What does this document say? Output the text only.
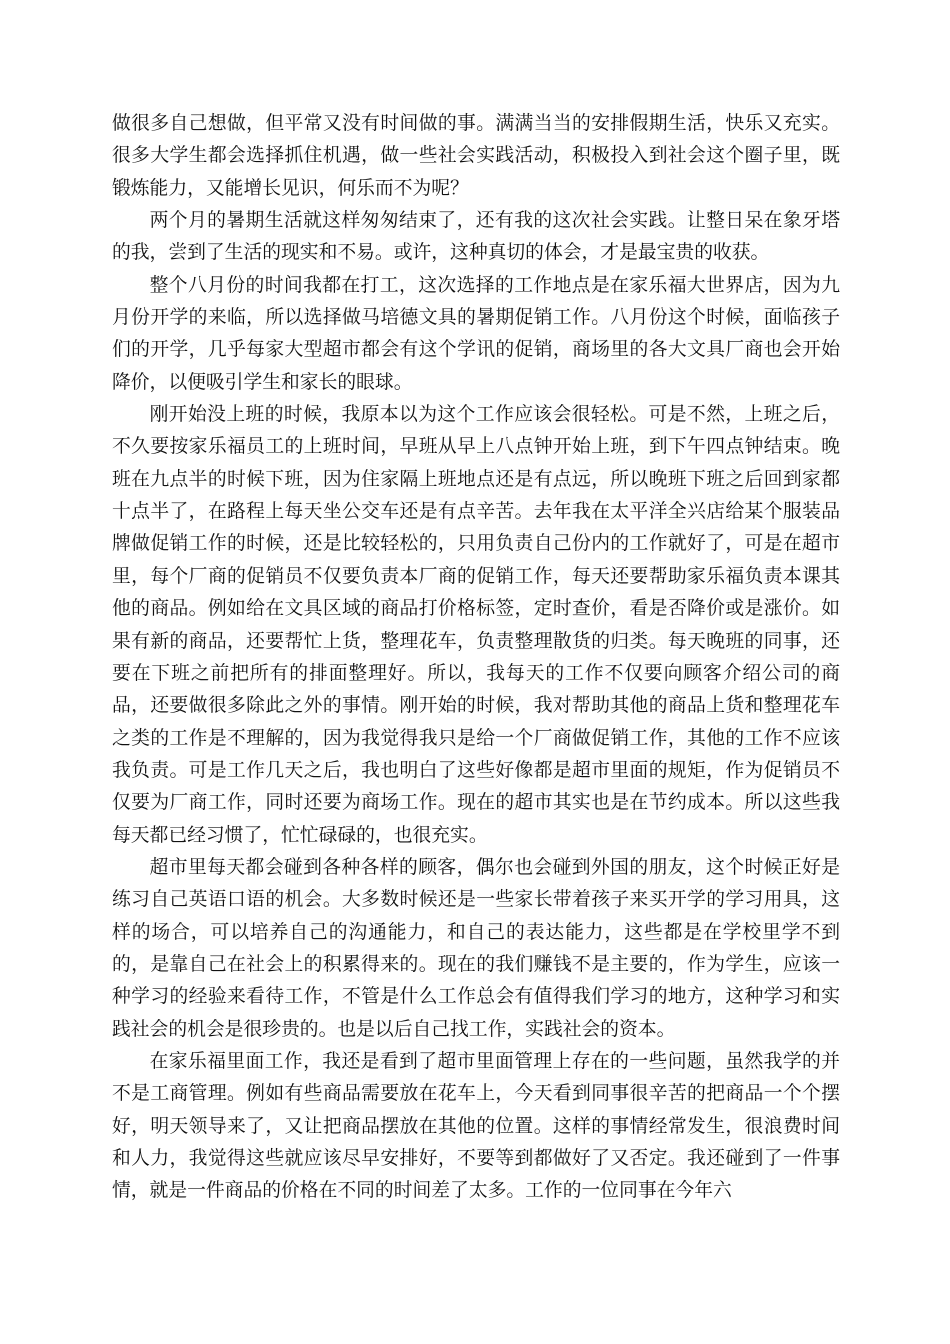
做很多自己想做，但平常又没有时间做的事。满满当当的安排假期生活，快乐又充实。很多大学生都会选择抓住机遇，做一些社会实践活动，积极投入到社会这个圈子里，既锻炼能力，又能增长见识，何乐而不为呢？

两个月的暑期生活就这样匆匆结束了，还有我的这次社会实践。让整日呆在象牙塔的我，尝到了生活的现实和不易。或许，这种真切的体会，才是最宝贵的收获。

整个八月份的时间我都在打工，这次选择的工作地点是在家乐福大世界店，因为九月份开学的来临，所以选择做马培德文具的暑期促销工作。八月份这个时候，面临孩子们的开学，几乎每家大型超市都会有这个学讯的促销，商场里的各大文具厂商也会开始降价，以便吸引学生和家长的眼球。

刚开始没上班的时候，我原本以为这个工作应该会很轻松。可是不然，上班之后，不久要按家乐福员工的上班时间，早班从早上八点钟开始上班，到下午四点钟结束。晚班在九点半的时候下班，因为住家隔上班地点还是有点远，所以晚班下班之后回到家都十点半了，在路程上每天坐公交车还是有点辛苦。去年我在太平洋全兴店给某个服装品牌做促销工作的时候，还是比较轻松的，只用负责自己份内的工作就好了，可是在超市里，每个厂商的促销员不仅要负责本厂商的促销工作，每天还要帮助家乐福负责本课其他的商品。例如给在文具区域的商品打价格标签，定时查价，看是否降价或是涨价。如果有新的商品，还要帮忙上货，整理花车，负责整理散货的归类。每天晚班的同事，还要在下班之前把所有的排面整理好。所以，我每天的工作不仅要向顾客介绍公司的商品，还要做很多除此之外的事情。刚开始的时候，我对帮助其他的商品上货和整理花车之类的工作是不理解的，因为我觉得我只是给一个厂商做促销工作，其他的工作不应该我负责。可是工作几天之后，我也明白了这些好像都是超市里面的规矩，作为促销员不仅要为厂商工作，同时还要为商场工作。现在的超市其实也是在节约成本。所以这些我每天都已经习惯了，忙忙碌碌的，也很充实。

超市里每天都会碰到各种各样的顾客，偶尔也会碰到外国的朋友，这个时候正好是练习自己英语口语的机会。大多数时候还是一些家长带着孩子来买开学的学习用具，这样的场合，可以培养自己的沟通能力，和自己的表达能力，这些都是在学校里学不到的，是靠自己在社会上的积累得来的。现在的我们赚钱不是主要的，作为学生，应该一种学习的经验来看待工作，不管是什么工作总会有值得我们学习的地方，这种学习和实践社会的机会是很珍贵的。也是以后自己找工作，实践社会的资本。

在家乐福里面工作，我还是看到了超市里面管理上存在的一些问题，虽然我学的并不是工商管理。例如有些商品需要放在花车上，今天看到同事很辛苦的把商品一个个摆好，明天领导来了，又让把商品摆放在其他的位置。这样的事情经常发生，很浪费时间和人力，我觉得这些就应该尽早安排好，不要等到都做好了又否定。我还碰到了一件事情，就是一件商品的价格在不同的时间差了太多。工作的一位同事在今年六
